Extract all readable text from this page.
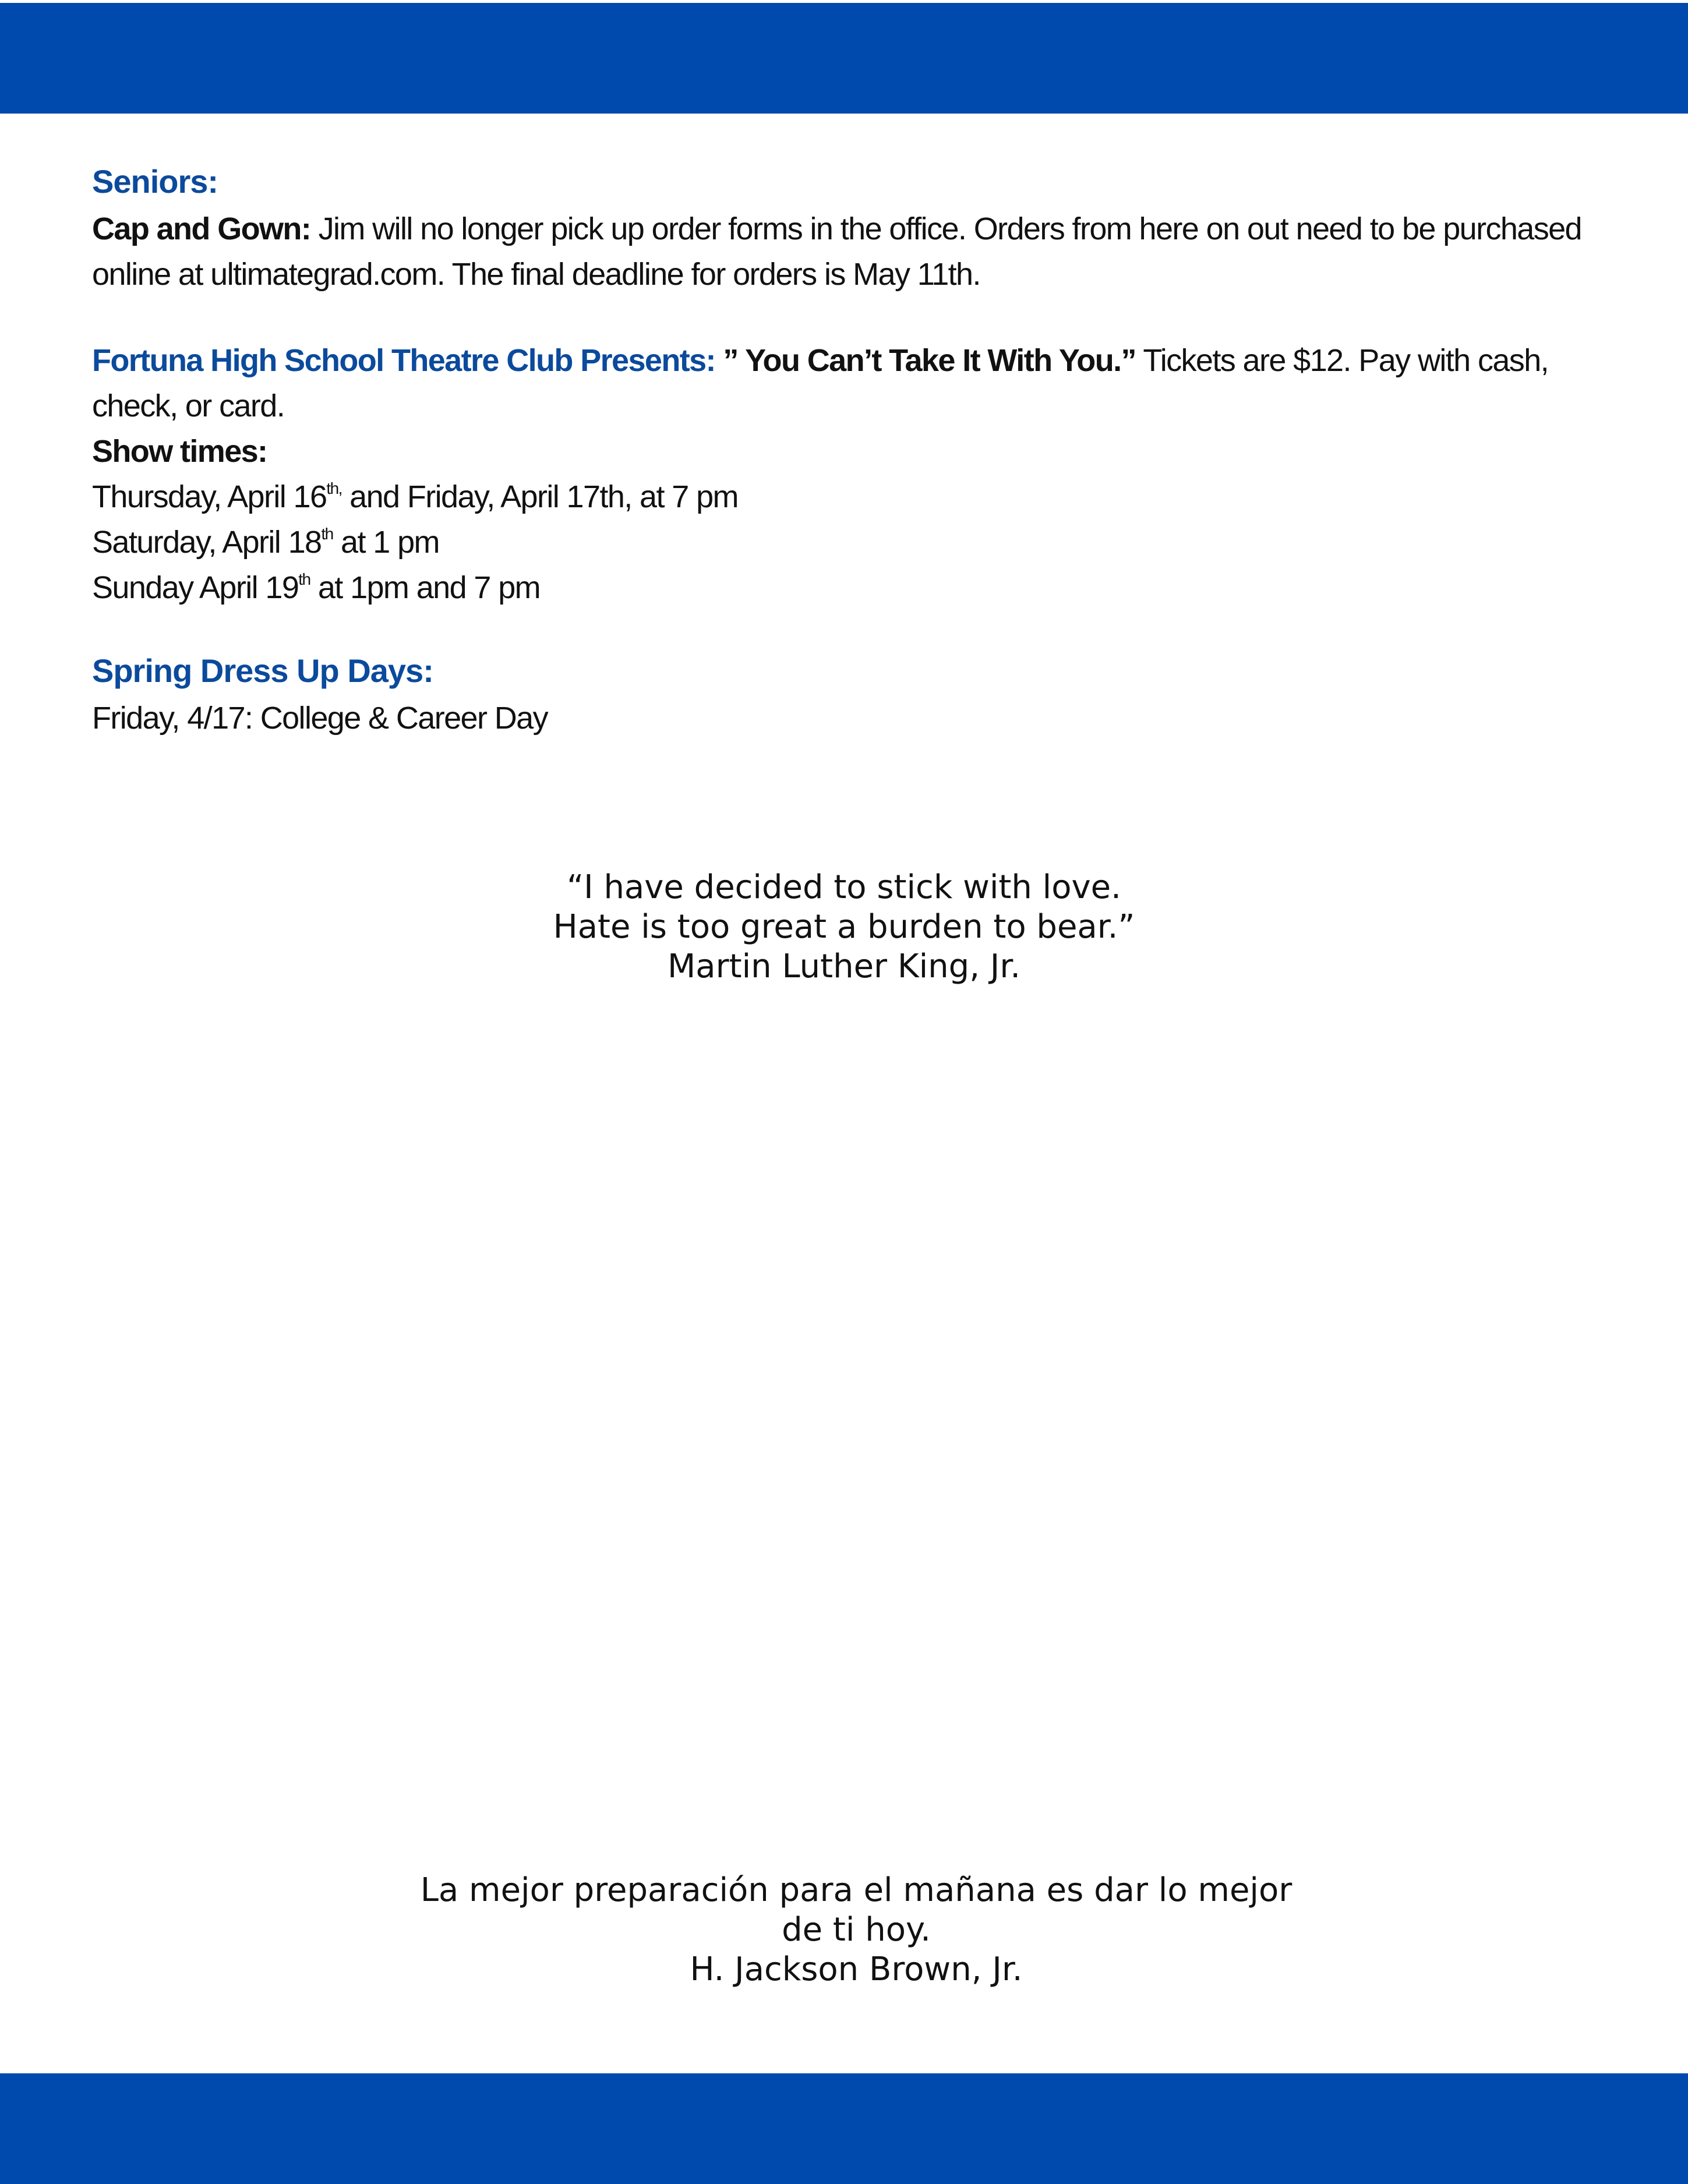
Seniors:

Cap and Gown: Jim will no longer pick up order forms in the office. Orders from here on out need to be purchased online at ultimategrad.com. The final deadline for orders is May 11th.

Fortuna High School Theatre Club Presents: ” You Can’t Take It With You.” Tickets are $12. Pay with cash, check, or card.

Show times:

Thursday, April $16^{th,}$ and Friday, April 17th, at 7 pm

Saturday, April 18th at 1 pm

Sunday April 19th at 1pm and 7 pm

Spring Dress Up Days:

Friday, 4/17: College & Career Day

“I have decided to stick with love.
Hate is too great a burden to bear.”
Martin Luther King, Jr.
La mejor preparación para el mañana es dar lo mejor de ti hoy.
H. Jackson Brown, Jr.
